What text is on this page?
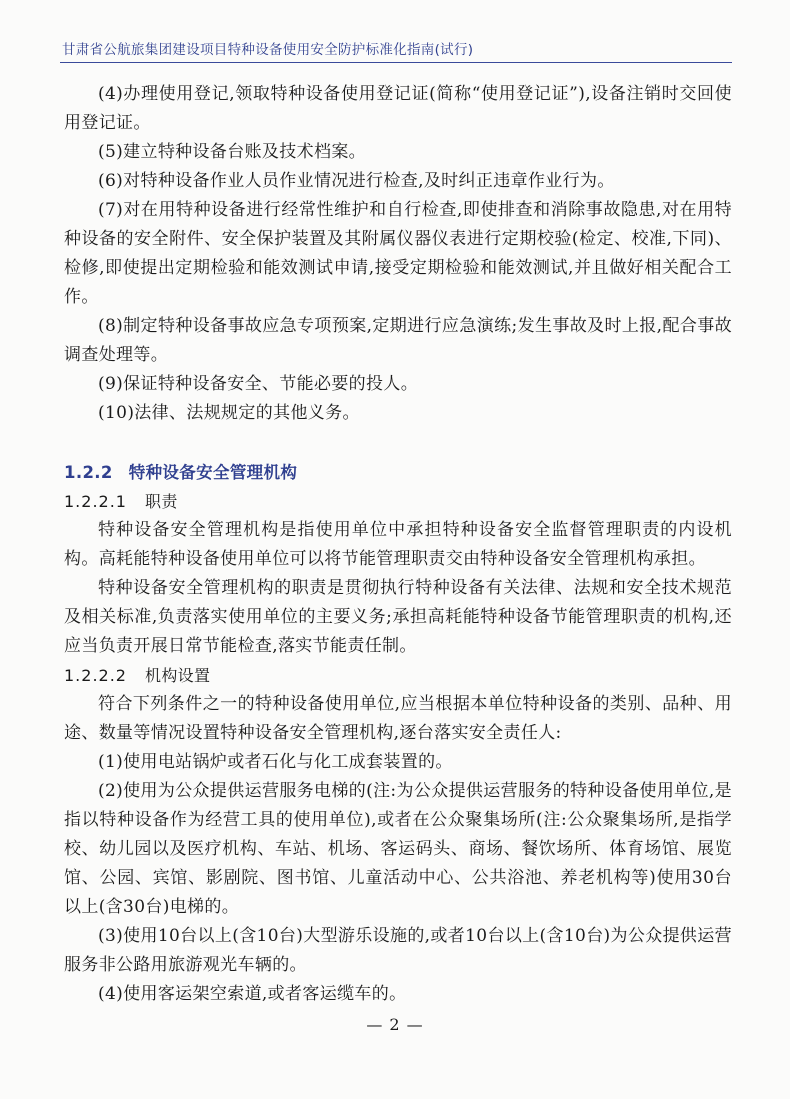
甘肃省公航旅集团建设项目特种设备使用安全防护标准化指南(试行)

(4)办理使用登记,领取特种设备使用登记证(简称“使用登记证”),设备注销时交回使用登记证。

(5)建立特种设备台账及技术档案。

(6)对特种设备作业人员作业情况进行检查,及时纠正违章作业行为。

(7)对在用特种设备进行经常性维护和自行检查,即使排查和消除事故隐患,对在用特种设备的安全附件、安全保护装置及其附属仪器仪表进行定期校验(检定、校准,下同)、检修,即使提出定期检验和能效测试申请,接受定期检验和能效测试,并且做好相关配合工作。

(8)制定特种设备事故应急专项预案,定期进行应急演练;发生事故及时上报,配合事故调查处理等。

(9)保证特种设备安全、节能必要的投人。

(10)法律、法规规定的其他义务。

1.2.2 特种设备安全管理机构
1.2.2.1 职责

特种设备安全管理机构是指使用单位中承担特种设备安全监督管理职责的内设机构。高耗能特种设备使用单位可以将节能管理职责交由特种设备安全管理机构承担。

特种设备安全管理机构的职责是贯彻执行特种设备有关法律、法规和安全技术规范及相关标准,负责落实使用单位的主要义务;承担高耗能特种设备节能管理职责的机构,还应当负责开展日常节能检查,落实节能责任制。

1.2.2.2 机构设置

符合下列条件之一的特种设备使用单位,应当根据本单位特种设备的类别、品种、用途、数量等情况设置特种设备安全管理机构,逐台落实安全责任人:

(1)使用电站锅炉或者石化与化工成套装置的。

(2)使用为公众提供运营服务电梯的(注:为公众提供运营服务的特种设备使用单位,是指以特种设备作为经营工具的使用单位),或者在公众聚集场所(注:公众聚集场所,是指学校、幼儿园以及医疗机构、车站、机场、客运码头、商场、餐饮场所、体育场馆、展览馆、公园、宾馆、影剧院、图书馆、儿童活动中心、公共浴池、养老机构等)使用30台以上(含30台)电梯的。

(3)使用10台以上(含10台)大型游乐设施的,或者10台以上(含10台)为公众提供运营服务非公路用旅游观光车辆的。

(4)使用客运架空索道,或者客运缆车的。

— 2 —
